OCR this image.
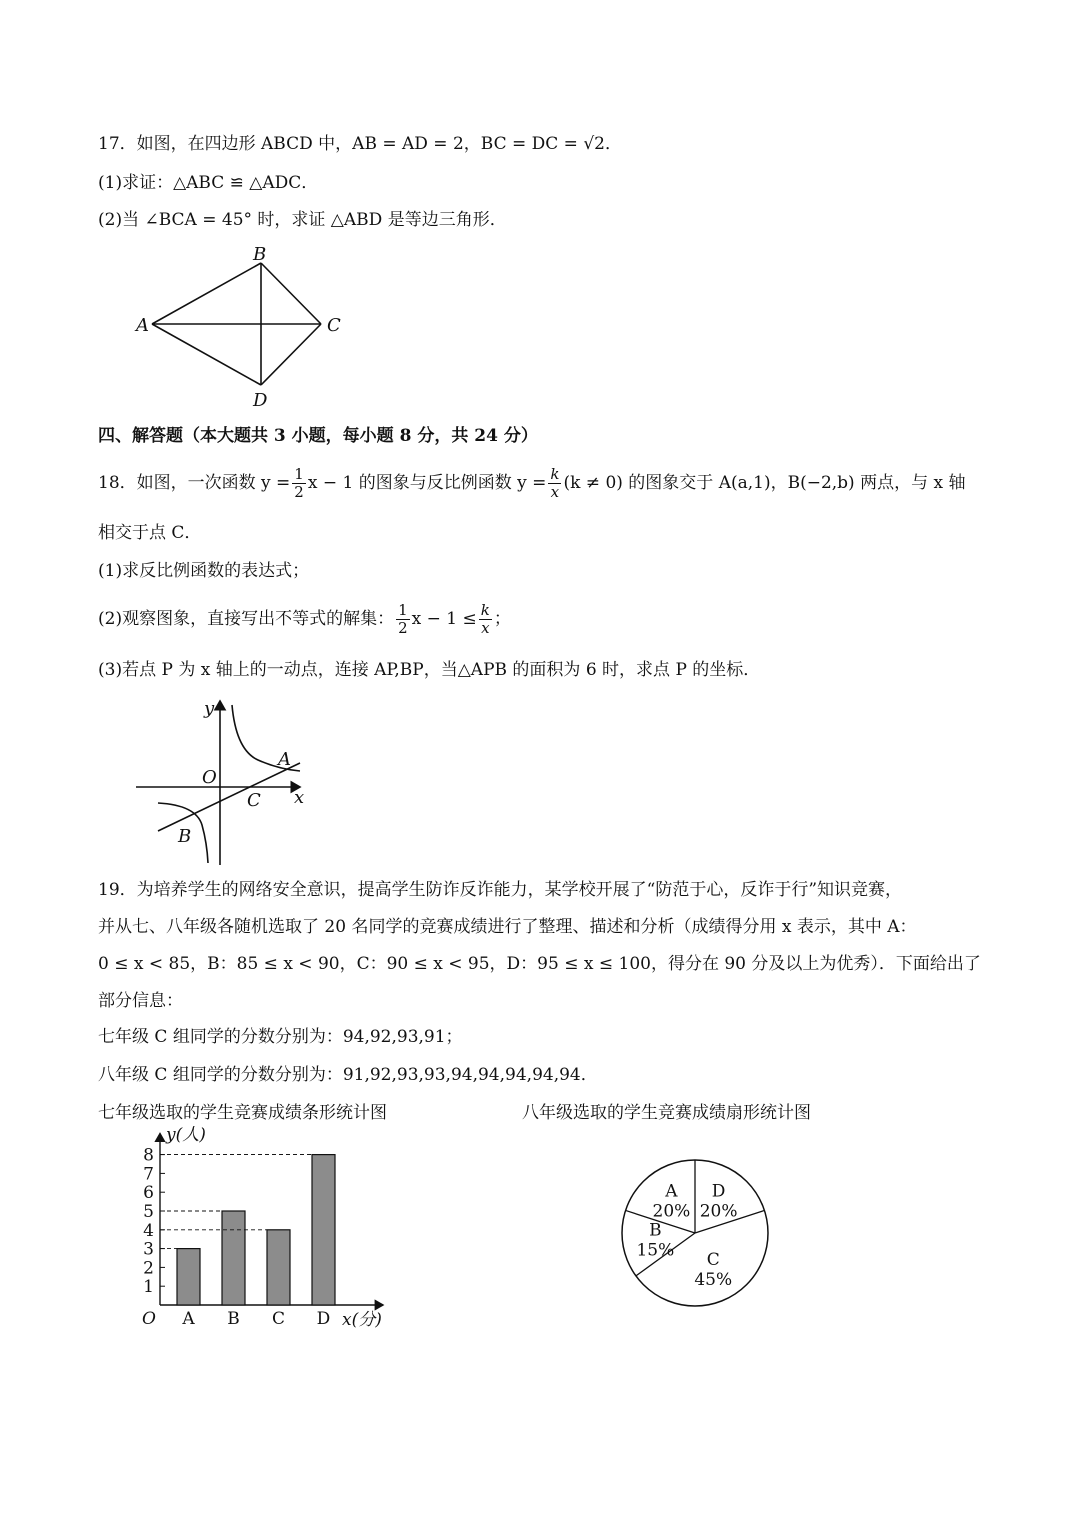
17．如图，在四边形 ABCD 中，AB = AD = 2，BC = DC = √2．
(1)求证：△ABC ≌ △ADC．
(2)当 ∠BCA = 45° 时，求证 △ABD 是等边三角形．
B
A	C
D
四、解答题（本大题共 3 小题，每小题 8 分，共 24 分）
18．如图，一次函数 $y = \frac{1}{2}$ x − 1 的图象与反比例函数 $y = \frac{k}{x} (k \ne 0)$ 的图象交于 A(a,1)，B(−2,b) 两点，与 x 轴
相交于点 C．
(1)求反比例函数的表达式；
(2)观察图象，直接写出不等式的解集： $\frac{1}{2}$ $x - 1 \le \frac{k}{x}$ ；
(3)若点 P 为 x 轴上的一动点，连接 AP,BP，当△APB 的面积为 6 时，求点 P 的坐标．
y
x
O
A
C
B
19．为培养学生的网络安全意识，提高学生防诈反诈能力，某学校开展了“防范于心，反诈于行”知识竞赛，
并从七、八年级各随机选取了 20 名同学的竞赛成绩进行了整理、描述和分析（成绩得分用 x 表示，其中 A：
0 ≤ x < 85，B：85 ≤ x < 90，C：90 ≤ x < 95，D：95 ≤ x ≤ 100，得分在 90 分及以上为优秀）．下面给出了
部分信息：
七年级 C 组同学的分数分别为：94,92,93,91；
八年级 C 组同学的分数分别为：91,92,93,93,94,94,94,94,94．
七年级选取的学生竞赛成绩条形统计图	八年级选取的学生竞赛成绩扇形统计图
1
2
3
4
5
6
7
8
A B C D
O
y(人)
x(分)
D
20%
C
45%
B
15%
A
20%
